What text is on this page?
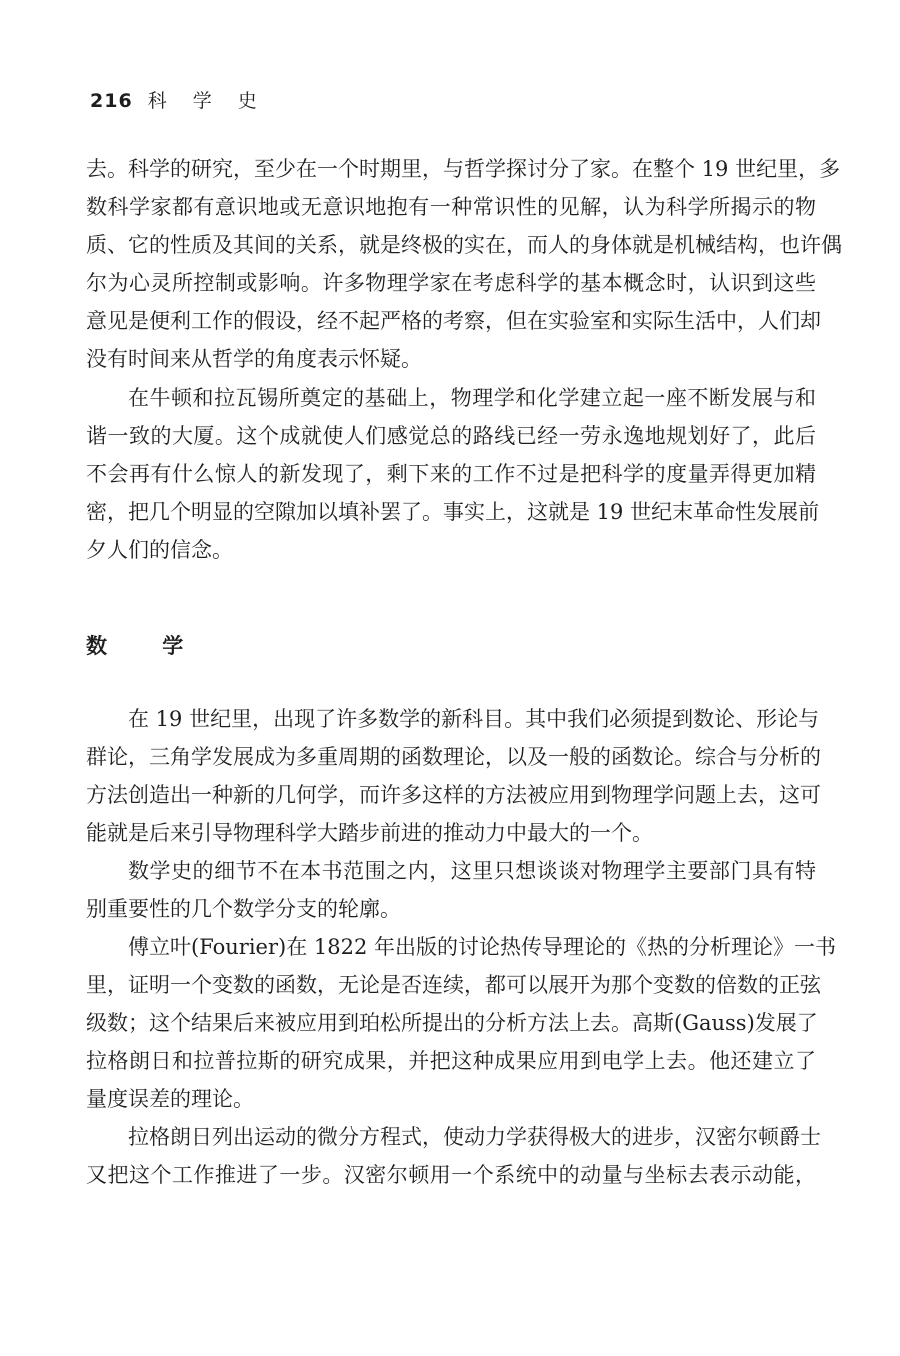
216 科 学 史
去。科学的研究，至少在一个时期里，与哲学探讨分了家。在整个 19 世纪里，多
数科学家都有意识地或无意识地抱有一种常识性的见解，认为科学所揭示的物
质、它的性质及其间的关系，就是终极的实在，而人的身体就是机械结构，也许偶
尔为心灵所控制或影响。许多物理学家在考虑科学的基本概念时，认识到这些
意见是便利工作的假设，经不起严格的考察，但在实验室和实际生活中，人们却
没有时间来从哲学的角度表示怀疑。
在牛顿和拉瓦锡所奠定的基础上，物理学和化学建立起一座不断发展与和
谐一致的大厦。这个成就使人们感觉总的路线已经一劳永逸地规划好了，此后
不会再有什么惊人的新发现了，剩下来的工作不过是把科学的度量弄得更加精
密，把几个明显的空隙加以填补罢了。事实上，这就是 19 世纪末革命性发展前
夕人们的信念。
数 学
在 19 世纪里，出现了许多数学的新科目。其中我们必须提到数论、形论与
群论，三角学发展成为多重周期的函数理论，以及一般的函数论。综合与分析的
方法创造出一种新的几何学，而许多这样的方法被应用到物理学问题上去，这可
能就是后来引导物理科学大踏步前进的推动力中最大的一个。
数学史的细节不在本书范围之内，这里只想谈谈对物理学主要部门具有特
别重要性的几个数学分支的轮廓。
傅立叶(Fourier)在 1822 年出版的讨论热传导理论的《热的分析理论》一书
里，证明一个变数的函数，无论是否连续，都可以展开为那个变数的倍数的正弦
级数；这个结果后来被应用到珀松所提出的分析方法上去。高斯(Gauss)发展了
拉格朗日和拉普拉斯的研究成果，并把这种成果应用到电学上去。他还建立了
量度误差的理论。
拉格朗日列出运动的微分方程式，使动力学获得极大的进步，汉密尔顿爵士
又把这个工作推进了一步。汉密尔顿用一个系统中的动量与坐标去表示动能，
